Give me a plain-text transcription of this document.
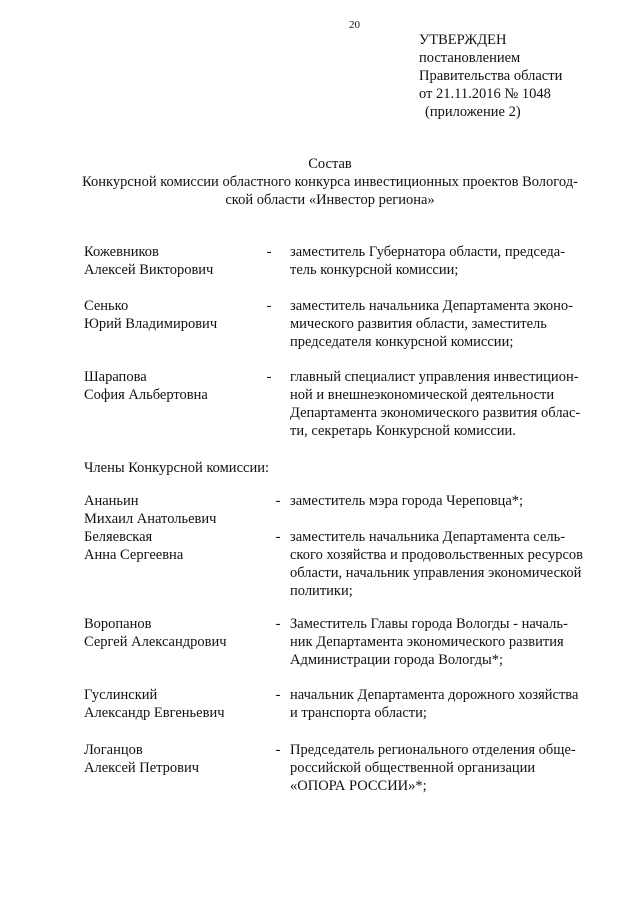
20
УТВЕРЖДЕН
постановлением
Правительства области
от 21.11.2016 № 1048
(приложение 2)
Состав
Конкурсной комиссии областного конкурса инвестиционных проектов Вологод-
ской области «Инвестор региона»
Кожевников
Алексей Викторович
- заместитель Губернатора области, председа-
тель конкурсной комиссии;
Сенько
Юрий Владимирович
- заместитель начальника Департамента эконо-
мического развития области, заместитель
председателя конкурсной комиссии;
Шарапова
София Альбертовна
- главный специалист управления инвестицион-
ной и внешнеэкономической деятельности
Департамента экономического развития облас-
ти, секретарь Конкурсной комиссии.
Члены Конкурсной комиссии:
Ананьин
Михаил Анатольевич
- заместитель мэра города Череповца*;
Беляевская
Анна Сергеевна
- заместитель начальника Департамента сель-
ского хозяйства и продовольственных ресурсов
области, начальник управления экономической
политики;
Воропанов
Сергей Александрович
- Заместитель Главы города Вологды - началь-
ник Департамента экономического развития
Администрации города Вологды*;
Гуслинский
Александр Евгеньевич
- начальник Департамента дорожного хозяйства
и транспорта области;
Логанцов
Алексей Петрович
- Председатель регионального отделения обще-
российской общественной организации
«ОПОРА РОССИИ»*;
